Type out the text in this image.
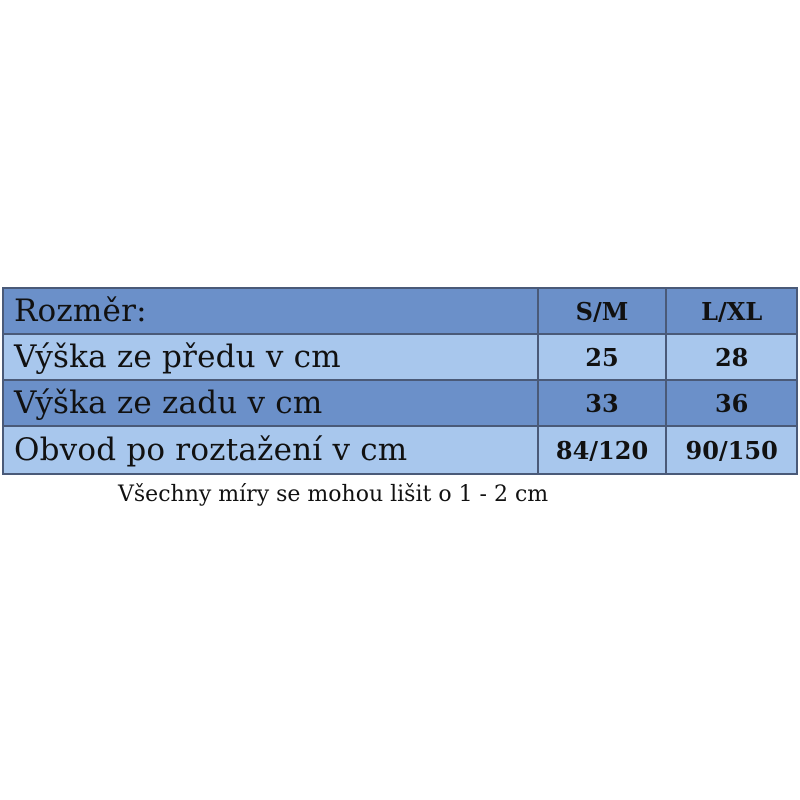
Rozměr:	S/M	L/XL
Výška ze předu v cm	25	28
Výška ze zadu v cm	33	36
Obvod po roztažení v cm	84/120	90/150
Všechny míry se mohou lišit o 1 - 2 cm
